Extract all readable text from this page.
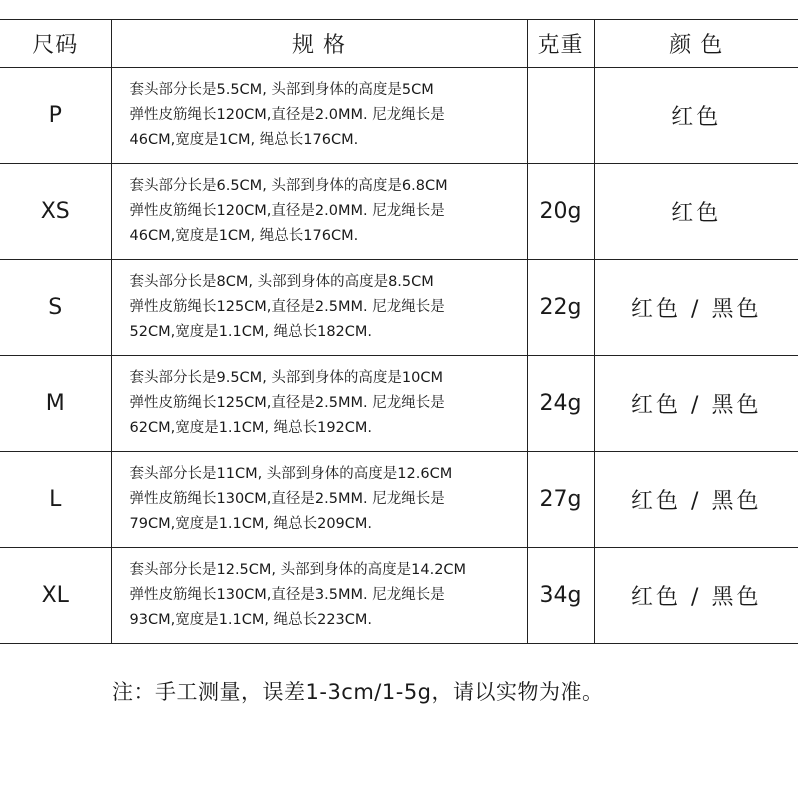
尺码	规 格	克重	颜 色
P	套头部分长是5.5CM, 头部到身体的高度是5CM
弹性皮筋绳长120CM,直径是2.0MM. 尼龙绳长是
46CM,宽度是1CM, 绳总长176CM.		红色
XS	套头部分长是6.5CM, 头部到身体的高度是6.8CM
弹性皮筋绳长120CM,直径是2.0MM. 尼龙绳长是
46CM,宽度是1CM, 绳总长176CM.	20g	红色
S	套头部分长是8CM, 头部到身体的高度是8.5CM
弹性皮筋绳长125CM,直径是2.5MM. 尼龙绳长是
52CM,宽度是1.1CM, 绳总长182CM.	22g	红色 / 黑色
M	套头部分长是9.5CM, 头部到身体的高度是10CM
弹性皮筋绳长125CM,直径是2.5MM. 尼龙绳长是
62CM,宽度是1.1CM, 绳总长192CM.	24g	红色 / 黑色
L	套头部分长是11CM, 头部到身体的高度是12.6CM
弹性皮筋绳长130CM,直径是2.5MM. 尼龙绳长是
79CM,宽度是1.1CM, 绳总长209CM.	27g	红色 / 黑色
XL	套头部分长是12.5CM, 头部到身体的高度是14.2CM
弹性皮筋绳长130CM,直径是3.5MM. 尼龙绳长是
93CM,宽度是1.1CM, 绳总长223CM.	34g	红色 / 黑色
注：手工测量，误差1-3cm/1-5g，请以实物为准。
